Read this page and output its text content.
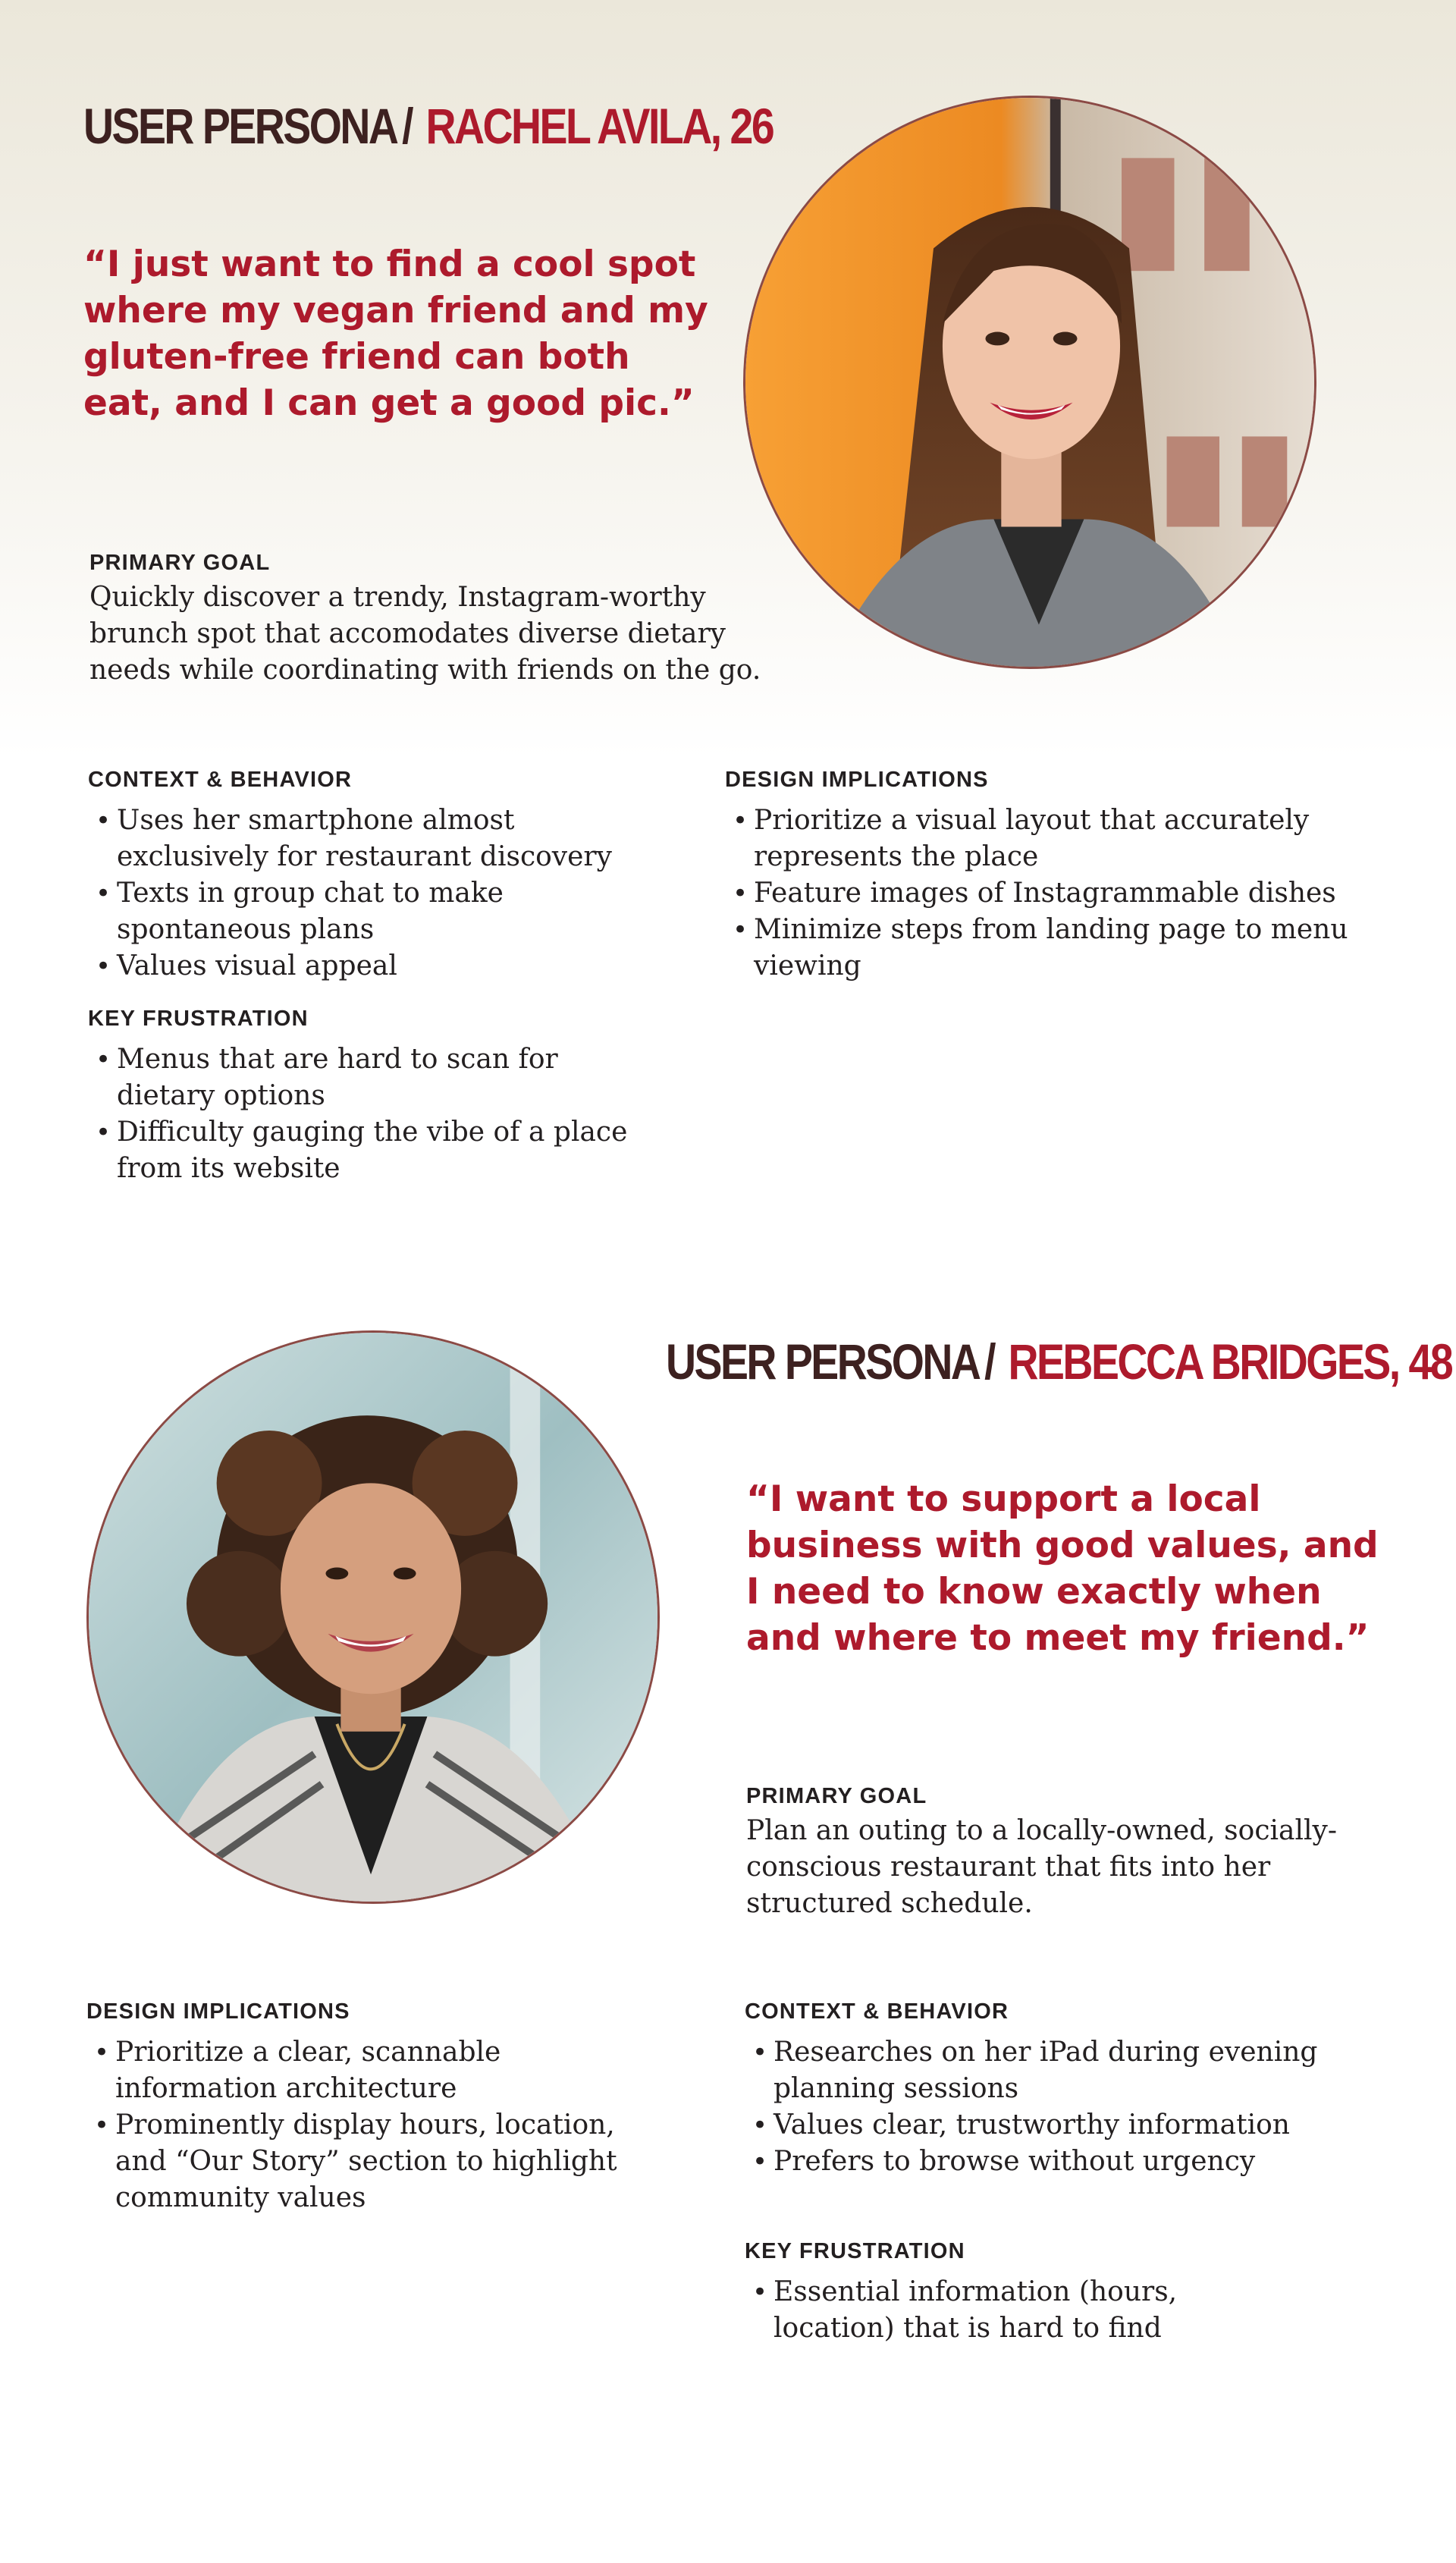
USER PERSONA / RACHEL AVILA, 26

“I just want to find a cool spot where my vegan friend and my gluten-free friend can both eat, and I can get a good pic.”

PRIMARY GOAL

Quickly discover a trendy, Instagram-worthy brunch spot that accomodates diverse dietary needs while coordinating with friends on the go.

CONTEXT & BEHAVIOR
• Uses her smartphone almost exclusively for restaurant discovery
• Texts in group chat to make spontaneous plans
• Values visual appeal
KEY FRUSTRATION
• Menus that are hard to scan for dietary options
• Difficulty gauging the vibe of a place from its website
DESIGN IMPLICATIONS
• Prioritize a visual layout that accurately represents the place
• Feature images of Instagrammable dishes
• Minimize steps from landing page to menu viewing
USER PERSONA / REBECCA BRIDGES, 48

“I want to support a local business with good values, and I need to know exactly when and where to meet my friend.”

PRIMARY GOAL

Plan an outing to a locally-owned, socially-conscious restaurant that fits into her structured schedule.

DESIGN IMPLICATIONS
• Prioritize a clear, scannable information architecture
• Prominently display hours, location, and “Our Story” section to highlight community values
CONTEXT & BEHAVIOR
• Researches on her iPad during evening planning sessions
• Values clear, trustworthy information
• Prefers to browse without urgency
KEY FRUSTRATION
• Essential information (hours, location) that is hard to find
